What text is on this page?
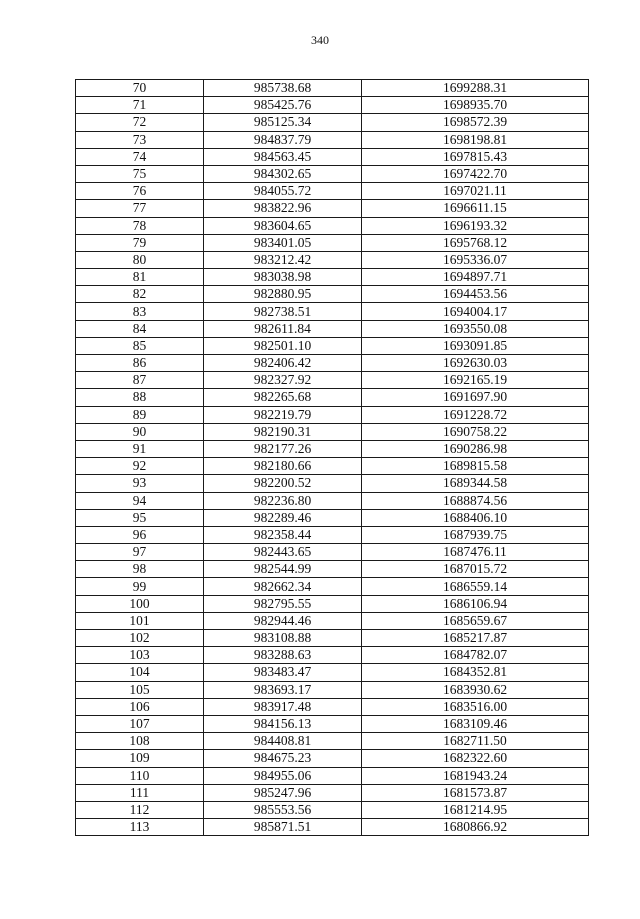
340
70	985738.68	1699288.31
71	985425.76	1698935.70
72	985125.34	1698572.39
73	984837.79	1698198.81
74	984563.45	1697815.43
75	984302.65	1697422.70
76	984055.72	1697021.11
77	983822.96	1696611.15
78	983604.65	1696193.32
79	983401.05	1695768.12
80	983212.42	1695336.07
81	983038.98	1694897.71
82	982880.95	1694453.56
83	982738.51	1694004.17
84	982611.84	1693550.08
85	982501.10	1693091.85
86	982406.42	1692630.03
87	982327.92	1692165.19
88	982265.68	1691697.90
89	982219.79	1691228.72
90	982190.31	1690758.22
91	982177.26	1690286.98
92	982180.66	1689815.58
93	982200.52	1689344.58
94	982236.80	1688874.56
95	982289.46	1688406.10
96	982358.44	1687939.75
97	982443.65	1687476.11
98	982544.99	1687015.72
99	982662.34	1686559.14
100	982795.55	1686106.94
101	982944.46	1685659.67
102	983108.88	1685217.87
103	983288.63	1684782.07
104	983483.47	1684352.81
105	983693.17	1683930.62
106	983917.48	1683516.00
107	984156.13	1683109.46
108	984408.81	1682711.50
109	984675.23	1682322.60
110	984955.06	1681943.24
111	985247.96	1681573.87
112	985553.56	1681214.95
113	985871.51	1680866.92
